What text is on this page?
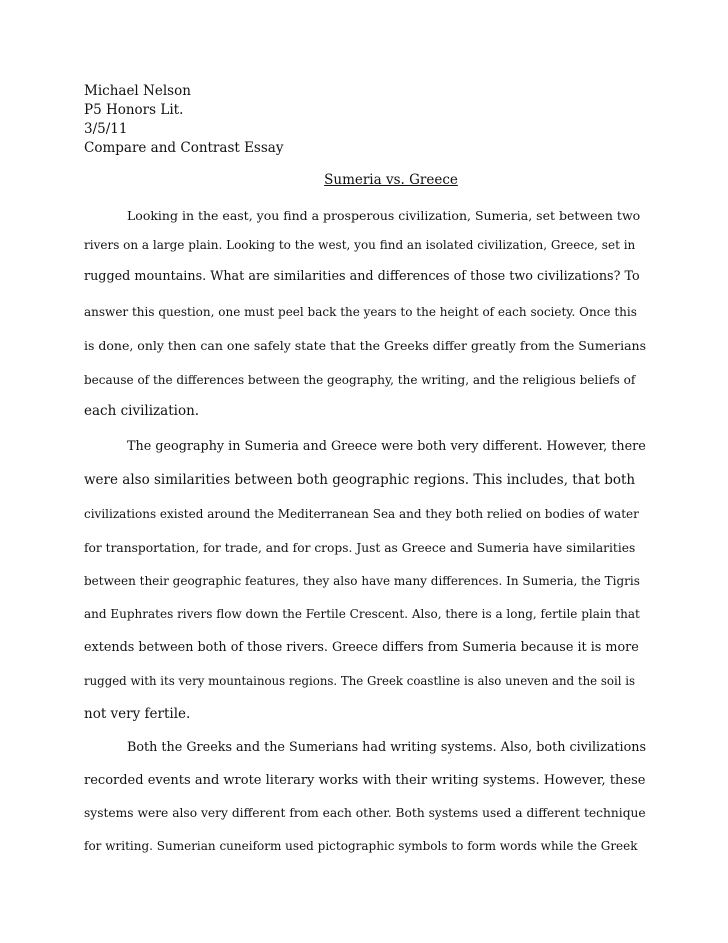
Michael Nelson
P5 Honors Lit.
3/5/11
Compare and Contrast Essay
Sumeria vs. Greece
Looking in the east, you find a prosperous civilization, Sumeria, set between two
rivers on a large plain. Looking to the west, you find an isolated civilization, Greece, set in
rugged mountains. What are similarities and differences of those two civilizations? To
answer this question, one must peel back the years to the height of each society. Once this
is done, only then can one safely state that the Greeks differ greatly from the Sumerians
because of the differences between the geography, the writing, and the religious beliefs of
each civilization.
The geography in Sumeria and Greece were both very different. However, there
were also similarities between both geographic regions. This includes, that both
civilizations existed around the Mediterranean Sea and they both relied on bodies of water
for transportation, for trade, and for crops. Just as Greece and Sumeria have similarities
between their geographic features, they also have many differences. In Sumeria, the Tigris
and Euphrates rivers flow down the Fertile Crescent. Also, there is a long, fertile plain that
extends between both of those rivers. Greece differs from Sumeria because it is more
rugged with its very mountainous regions. The Greek coastline is also uneven and the soil is
not very fertile.
Both the Greeks and the Sumerians had writing systems. Also, both civilizations
recorded events and wrote literary works with their writing systems. However, these
systems were also very different from each other. Both systems used a different technique
for writing. Sumerian cuneiform used pictographic symbols to form words while the Greek
